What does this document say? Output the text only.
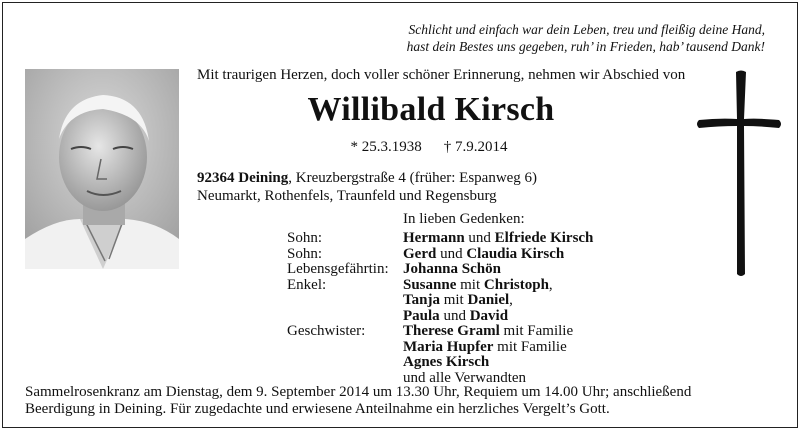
Schlicht und einfach war dein Leben, treu und fleißig deine Hand,
hast dein Bestes uns gegeben, ruh’ in Frieden, hab’ tausend Dank!
Mit traurigen Herzen, doch voller schöner Erinnerung, nehmen wir Abschied von
Willibald Kirsch
* 25.3.1938 † 7.9.2014
92364 Deining, Kreuzbergstraße 4 (früher: Espanweg 6)
Neumarkt, Rothenfels, Traunfeld und Regensburg
In lieben Gedenken:
Sohn:	Hermann und Elfriede Kirsch
Sohn:	Gerd und Claudia Kirsch
Lebensgefährtin: Johanna Schön
Enkel:	Susanne mit Christoph,
Tanja mit Daniel,
Paula und David
Geschwister:	Therese Graml mit Familie
Maria Hupfer mit Familie
Agnes Kirsch
und alle Verwandten
Sammelrosenkranz am Dienstag, dem 9. September 2014 um 13.30 Uhr, Requiem um 14.00 Uhr; anschließend
Beerdigung in Deining. Für zugedachte und erwiesene Anteilnahme ein herzliches Vergelt’s Gott.
